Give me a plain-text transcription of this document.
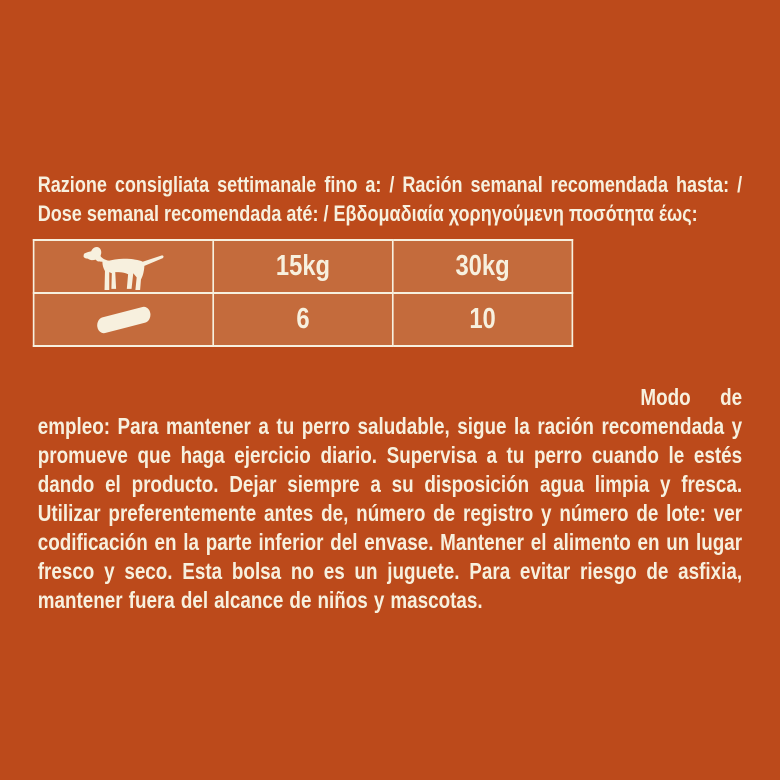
Razione consigliata settimanale fino a: / Ración semanal recomendada hasta: / Dose semanal recomendada até: / Εβδομαδιαία χορηγούμενη ποσότητα έως:

	15kg	30kg

	6	10

Modo de empleo: Para mantener a tu perro saludable, sigue la ración recomendada y promueve que haga ejercicio diario. Supervisa a tu perro cuando le estés dando el producto. Dejar siempre a su disposición agua limpia y fresca. Utilizar preferentemente antes de, número de registro y número de lote: ver codificación en la parte inferior del envase. Mantener el alimento en un lugar fresco y seco. Esta bolsa no es un juguete. Para evitar riesgo de asfixia, mantener fuera del alcance de niños y mascotas.
